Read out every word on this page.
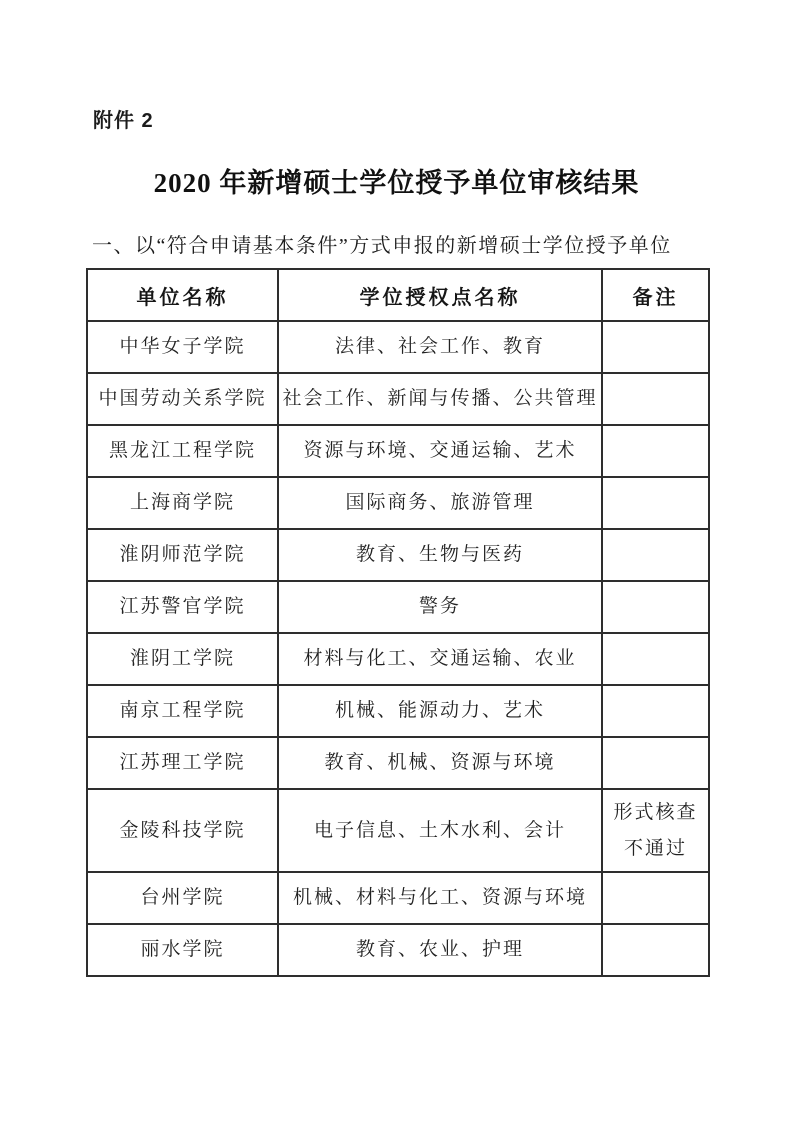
附件 2
2020 年新增硕士学位授予单位审核结果
一、以“符合申请基本条件”方式申报的新增硕士学位授予单位
单位名称	学位授权点名称	备注
中华女子学院	法律、社会工作、教育	
中国劳动关系学院	社会工作、新闻与传播、公共管理	
黑龙江工程学院	资源与环境、交通运输、艺术	
上海商学院	国际商务、旅游管理	
淮阴师范学院	教育、生物与医药	
江苏警官学院	警务	
淮阴工学院	材料与化工、交通运输、农业	
南京工程学院	机械、能源动力、艺术	
江苏理工学院	教育、机械、资源与环境	
金陵科技学院	电子信息、土木水利、会计	形式核查不通过
台州学院	机械、材料与化工、资源与环境	
丽水学院	教育、农业、护理	
